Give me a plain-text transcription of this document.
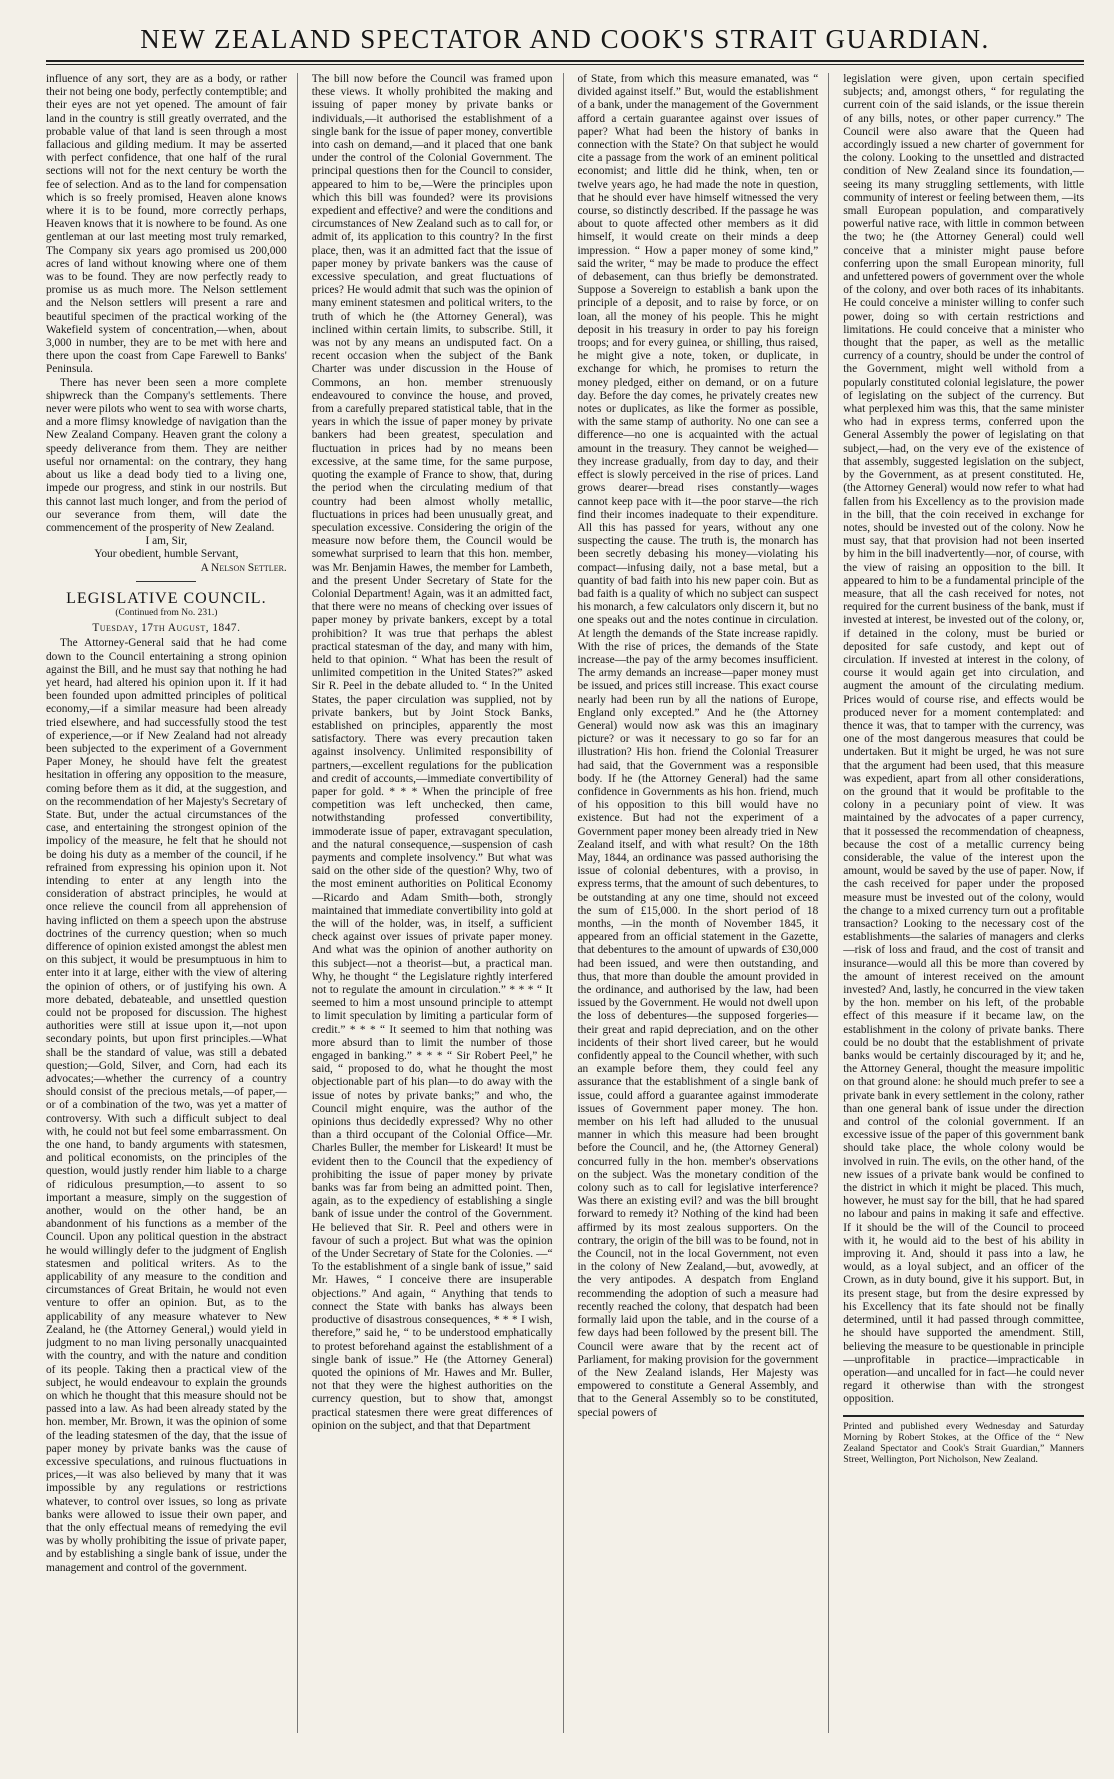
NEW ZEALAND SPECTATOR AND COOK'S STRAIT GUARDIAN.

influence of any sort, they are as a body, or rather their not being one body, perfectly contemptible; and their eyes are not yet opened. The amount of fair land in the country is still greatly overrated, and the probable value of that land is seen through a most fallacious and gilding medium. It may be asserted with perfect confidence, that one half of the rural sections will not for the next century be worth the fee of selection. And as to the land for compensation which is so freely promised, Heaven alone knows where it is to be found, more correctly perhaps, Heaven knows that it is nowhere to be found. As one gentleman at our last meeting most truly remarked, The Company six years ago promised us 200,000 acres of land without knowing where one of them was to be found. They are now perfectly ready to promise us as much more. The Nelson settlement and the Nelson settlers will present a rare and beautiful specimen of the practical working of the Wakefield system of concentration,—when, about 3,000 in number, they are to be met with here and there upon the coast from Cape Farewell to Banks' Peninsula.

There has never been seen a more complete shipwreck than the Company's settlements. There never were pilots who went to sea with worse charts, and a more flimsy knowledge of navigation than the New Zealand Company. Heaven grant the colony a speedy deliverance from them. They are neither useful nor ornamental: on the contrary, they hang about us like a dead body tied to a living one, impede our progress, and stink in our nostrils. But this cannot last much longer, and from the period of our severance from them, will date the commencement of the prosperity of New Zealand.

I am, Sir,

Your obedient, humble Servant,

A Nelson Settler.

LEGISLATIVE COUNCIL.

(Continued from No. 231.)

Tuesday, 17th August, 1847.

The Attorney-General said that he had come down to the Council entertaining a strong opinion against the Bill, and he must say that nothing he had yet heard, had altered his opinion upon it. If it had been founded upon admitted principles of political economy,—if a similar measure had been already tried elsewhere, and had successfully stood the test of experience,—or if New Zealand had not already been subjected to the experiment of a Government Paper Money, he should have felt the greatest hesitation in offering any opposition to the measure, coming before them as it did, at the suggestion, and on the recommendation of her Majesty's Secretary of State. But, under the actual circumstances of the case, and entertaining the strongest opinion of the impolicy of the measure, he felt that he should not be doing his duty as a member of the council, if he refrained from expressing his opinion upon it. Not intending to enter at any length into the consideration of abstract principles, he would at once relieve the council from all apprehension of having inflicted on them a speech upon the abstruse doctrines of the currency question; when so much difference of opinion existed amongst the ablest men on this subject, it would be presumptuous in him to enter into it at large, either with the view of altering the opinion of others, or of justifying his own. A more debated, debateable, and unsettled question could not be proposed for discussion. The highest authorities were still at issue upon it,—not upon secondary points, but upon first principles.—What shall be the standard of value, was still a debated question;—Gold, Silver, and Corn, had each its advocates;—whether the currency of a country should consist of the precious metals,—of paper,—or of a combination of the two, was yet a matter of controversy. With such a difficult subject to deal with, he could not but feel some embarrassment. On the one hand, to bandy arguments with statesmen, and political economists, on the principles of the question, would justly render him liable to a charge of ridiculous presumption,—to assent to so important a measure, simply on the suggestion of another, would on the other hand, be an abandonment of his functions as a member of the Council. Upon any political question in the abstract he would willingly defer to the judgment of English statesmen and political writers. As to the applicability of any measure to the condition and circumstances of Great Britain, he would not even venture to offer an opinion. But, as to the applicability of any measure whatever to New Zealand, he (the Attorney General,) would yield in judgment to no man living personally unacquainted with the country, and with the nature and condition of its people. Taking then a practical view of the subject, he would endeavour to explain the grounds on which he thought that this measure should not be passed into a law. As had been already stated by the hon. member, Mr. Brown, it was the opinion of some of the leading statesmen of the day, that the issue of paper money by private banks was the cause of excessive speculations, and ruinous fluctuations in prices,—it was also believed by many that it was impossible by any regulations or restrictions whatever, to control over issues, so long as private banks were allowed to issue their own paper, and that the only effectual means of remedying the evil was by wholly prohibiting the issue of private paper, and by establishing a single bank of issue, under the management and control of the government.

The bill now before the Council was framed upon these views. It wholly prohibited the making and issuing of paper money by private banks or individuals,—it authorised the establishment of a single bank for the issue of paper money, convertible into cash on demand,—and it placed that one bank under the control of the Colonial Government. The principal questions then for the Council to consider, appeared to him to be,—Were the principles upon which this bill was founded? were its provisions expedient and effective? and were the conditions and circumstances of New Zealand such as to call for, or admit of, its application to this country? In the first place, then, was it an admitted fact that the issue of paper money by private bankers was the cause of excessive speculation, and great fluctuations of prices? He would admit that such was the opinion of many eminent statesmen and political writers, to the truth of which he (the Attorney General), was inclined within certain limits, to subscribe. Still, it was not by any means an undisputed fact. On a recent occasion when the subject of the Bank Charter was under discussion in the House of Commons, an hon. member strenuously endeavoured to convince the house, and proved, from a carefully prepared statistical table, that in the years in which the issue of paper money by private bankers had been greatest, speculation and fluctuation in prices had by no means been excessive, at the same time, for the same purpose, quoting the example of France to show, that, during the period when the circulating medium of that country had been almost wholly metallic, fluctuations in prices had been unusually great, and speculation excessive. Considering the origin of the measure now before them, the Council would be somewhat surprised to learn that this hon. member, was Mr. Benjamin Hawes, the member for Lambeth, and the present Under Secretary of State for the Colonial Department! Again, was it an admitted fact, that there were no means of checking over issues of paper money by private bankers, except by a total prohibition? It was true that perhaps the ablest practical statesman of the day, and many with him, held to that opinion. “ What has been the result of unlimited competition in the United States?” asked Sir R. Peel in the debate alluded to. “ In the United States, the paper circulation was supplied, not by private bankers, but by Joint Stock Banks, established on principles, apparently the most satisfactory. There was every precaution taken against insolvency. Unlimited responsibility of partners,—excellent regulations for the publication and credit of accounts,—immediate convertibility of paper for gold. * * * When the principle of free competition was left unchecked, then came, notwithstanding professed convertibility, immoderate issue of paper, extravagant speculation, and the natural consequence,—suspension of cash payments and complete insolvency.” But what was said on the other side of the question? Why, two of the most eminent authorities on Political Economy—Ricardo and Adam Smith—both, strongly maintained that immediate convertibility into gold at the will of the holder, was, in itself, a sufficient check against over issues of private paper money. And what was the opinion of another authority on this subject—not a theorist—but, a practical man. Why, he thought “ the Legislature rightly interfered not to regulate the amount in circulation.” * * * “ It seemed to him a most unsound principle to attempt to limit speculation by limiting a particular form of credit.” * * * “ It seemed to him that nothing was more absurd than to limit the number of those engaged in banking.” * * * “ Sir Robert Peel,” he said, “ proposed to do, what he thought the most objectionable part of his plan—to do away with the issue of notes by private banks;” and who, the Council might enquire, was the author of the opinions thus decidedly expressed? Why no other than a third occupant of the Colonial Office—Mr. Charles Buller, the member for Liskeard! It must be evident then to the Council that the expediency of prohibiting the issue of paper money by private banks was far from being an admitted point. Then, again, as to the expediency of establishing a single bank of issue under the control of the Government. He believed that Sir. R. Peel and others were in favour of such a project. But what was the opinion of the Under Secretary of State for the Colonies. —“ To the establishment of a single bank of issue,” said Mr. Hawes, “ I conceive there are insuperable objections.” And again, “ Anything that tends to connect the State with banks has always been productive of disastrous consequences, * * * I wish, therefore,” said he, “ to be understood emphatically to protest beforehand against the establishment of a single bank of issue.” He (the Attorney General) quoted the opinions of Mr. Hawes and Mr. Buller, not that they were the highest authorities on the currency question, but to show that, amongst practical statesmen there were great differences of opinion on the subject, and that that Department

of State, from which this measure emanated, was “ divided against itself.” But, would the establishment of a bank, under the management of the Government afford a certain guarantee against over issues of paper? What had been the history of banks in connection with the State? On that subject he would cite a passage from the work of an eminent political economist; and little did he think, when, ten or twelve years ago, he had made the note in question, that he should ever have himself witnessed the very course, so distinctly described. If the passage he was about to quote affected other members as it did himself, it would create on their minds a deep impression. “ How a paper money of some kind,” said the writer, “ may be made to produce the effect of debasement, can thus briefly be demonstrated. Suppose a Sovereign to establish a bank upon the principle of a deposit, and to raise by force, or on loan, all the money of his people. This he might deposit in his treasury in order to pay his foreign troops; and for every guinea, or shilling, thus raised, he might give a note, token, or duplicate, in exchange for which, he promises to return the money pledged, either on demand, or on a future day. Before the day comes, he privately creates new notes or duplicates, as like the former as possible, with the same stamp of authority. No one can see a difference—no one is acquainted with the actual amount in the treasury. They cannot be weighed—they increase gradually, from day to day, and their effect is slowly perceived in the rise of prices. Land grows dearer—bread rises constantly—wages cannot keep pace with it—the poor starve—the rich find their incomes inadequate to their expenditure. All this has passed for years, without any one suspecting the cause. The truth is, the monarch has been secretly debasing his money—violating his compact—infusing daily, not a base metal, but a quantity of bad faith into his new paper coin. But as bad faith is a quality of which no subject can suspect his monarch, a few calculators only discern it, but no one speaks out and the notes continue in circulation. At length the demands of the State increase rapidly. With the rise of prices, the demands of the State increase—the pay of the army becomes insufficient. The army demands an increase—paper money must be issued, and prices still increase. This exact course nearly had been run by all the nations of Europe, England only excepted.” And he (the Attorney General) would now ask was this an imaginary picture? or was it necessary to go so far for an illustration? His hon. friend the Colonial Treasurer had said, that the Government was a responsible body. If he (the Attorney General) had the same confidence in Governments as his hon. friend, much of his opposition to this bill would have no existence. But had not the experiment of a Government paper money been already tried in New Zealand itself, and with what result? On the 18th May, 1844, an ordinance was passed authorising the issue of colonial debentures, with a proviso, in express terms, that the amount of such debentures, to be outstanding at any one time, should not exceed the sum of £15,000. In the short period of 18 months, —in the month of November 1845, it appeared from an official statement in the Gazette, that debentures to the amount of upwards of £30,000 had been issued, and were then outstanding, and thus, that more than double the amount provided in the ordinance, and authorised by the law, had been issued by the Government. He would not dwell upon the loss of debentures—the supposed forgeries—their great and rapid depreciation, and on the other incidents of their short lived career, but he would confidently appeal to the Council whether, with such an example before them, they could feel any assurance that the establishment of a single bank of issue, could afford a guarantee against immoderate issues of Government paper money. The hon. member on his left had alluded to the unusual manner in which this measure had been brought before the Council, and he, (the Attorney General) concurred fully in the hon. member's observations on the subject. Was the monetary condition of the colony such as to call for legislative interference? Was there an existing evil? and was the bill brought forward to remedy it? Nothing of the kind had been affirmed by its most zealous supporters. On the contrary, the origin of the bill was to be found, not in the Council, not in the local Government, not even in the colony of New Zealand,—but, avowedly, at the very antipodes. A despatch from England recommending the adoption of such a measure had recently reached the colony, that despatch had been formally laid upon the table, and in the course of a few days had been followed by the present bill. The Council were aware that by the recent act of Parliament, for making provision for the government of the New Zealand islands, Her Majesty was empowered to constitute a General Assembly, and that to the General Assembly so to be constituted, special powers of

legislation were given, upon certain specified subjects; and, amongst others, “ for regulating the current coin of the said islands, or the issue therein of any bills, notes, or other paper currency.” The Council were also aware that the Queen had accordingly issued a new charter of government for the colony. Looking to the unsettled and distracted condition of New Zealand since its foundation,—seeing its many struggling settlements, with little community of interest or feeling between them, —its small European population, and comparatively powerful native race, with little in common between the two; he (the Attorney General) could well conceive that a minister might pause before conferring upon the small European minority, full and unfettered powers of government over the whole of the colony, and over both races of its inhabitants. He could conceive a minister willing to confer such power, doing so with certain restrictions and limitations. He could conceive that a minister who thought that the paper, as well as the metallic currency of a country, should be under the control of the Government, might well withold from a popularly constituted colonial legislature, the power of legislating on the subject of the currency. But what perplexed him was this, that the same minister who had in express terms, conferred upon the General Assembly the power of legislating on that subject,—had, on the very eve of the existence of that assembly, suggested legislation on the subject, by the Government, as at present constituted. He, (the Attorney General) would now refer to what had fallen from his Excellency as to the provision made in the bill, that the coin received in exchange for notes, should be invested out of the colony. Now he must say, that that provision had not been inserted by him in the bill inadvertently—nor, of course, with the view of raising an opposition to the bill. It appeared to him to be a fundamental principle of the measure, that all the cash received for notes, not required for the current business of the bank, must if invested at interest, be invested out of the colony, or, if detained in the colony, must be buried or deposited for safe custody, and kept out of circulation. If invested at interest in the colony, of course it would again get into circulation, and augment the amount of the circulating medium. Prices would of course rise, and effects would be produced never for a moment contemplated: and thence it was, that to tamper with the currency, was one of the most dangerous measures that could be undertaken. But it might be urged, he was not sure that the argument had been used, that this measure was expedient, apart from all other considerations, on the ground that it would be profitable to the colony in a pecuniary point of view. It was maintained by the advocates of a paper currency, that it possessed the recommendation of cheapness, because the cost of a metallic currency being considerable, the value of the interest upon the amount, would be saved by the use of paper. Now, if the cash received for paper under the proposed measure must be invested out of the colony, would the change to a mixed currency turn out a profitable transaction? Looking to the necessary cost of the establishments—the salaries of managers and clerks—risk of loss and fraud, and the cost of transit and insurance—would all this be more than covered by the amount of interest received on the amount invested? And, lastly, he concurred in the view taken by the hon. member on his left, of the probable effect of this measure if it became law, on the establishment in the colony of private banks. There could be no doubt that the establishment of private banks would be certainly discouraged by it; and he, the Attorney General, thought the measure impolitic on that ground alone: he should much prefer to see a private bank in every settlement in the colony, rather than one general bank of issue under the direction and control of the colonial government. If an excessive issue of the paper of this government bank should take place, the whole colony would be involved in ruin. The evils, on the other hand, of the new issues of a private bank would be confined to the district in which it might be placed. This much, however, he must say for the bill, that he had spared no labour and pains in making it safe and effective. If it should be the will of the Council to proceed with it, he would aid to the best of his ability in improving it. And, should it pass into a law, he would, as a loyal subject, and an officer of the Crown, as in duty bound, give it his support. But, in its present stage, but from the desire expressed by his Excellency that its fate should not be finally determined, until it had passed through committee, he should have supported the amendment. Still, believing the measure to be questionable in principle—unprofitable in practice—impracticable in operation—and uncalled for in fact—he could never regard it otherwise than with the strongest opposition.

Printed and published every Wednesday and Saturday Morning by Robert Stokes, at the Office of the “ New Zealand Spectator and Cook's Strait Guardian,” Manners Street, Wellington, Port Nicholson, New Zealand.
